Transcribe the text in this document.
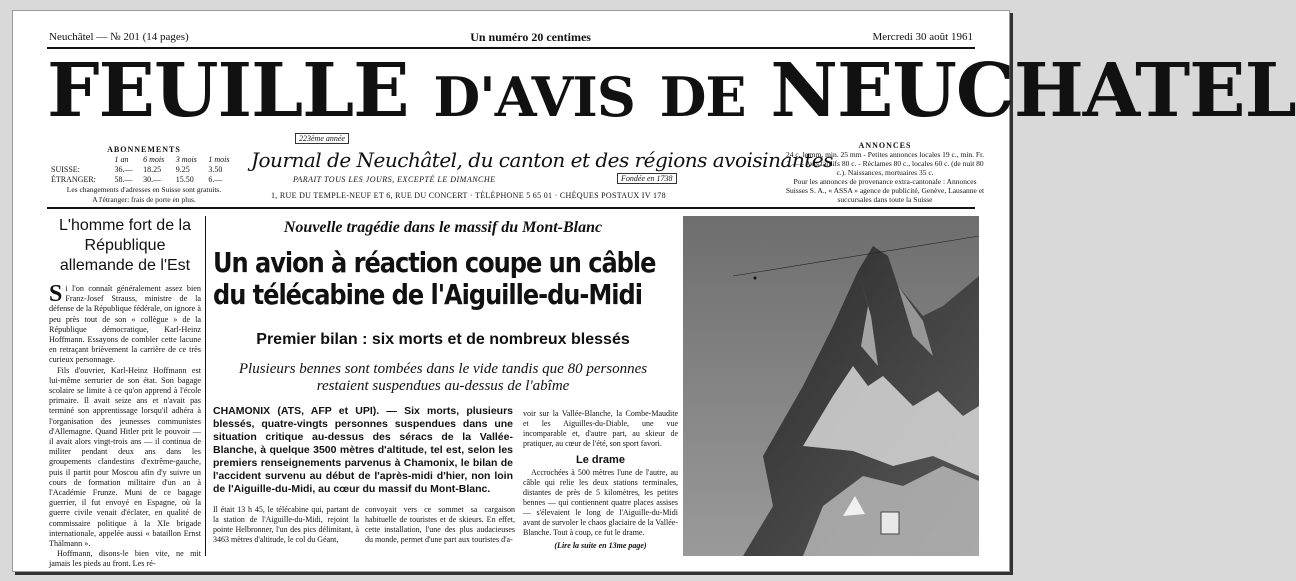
Neuchâtel — № 201 (14 pages)	Un numéro 20 centimes	Mercredi 30 août 1961
FEUILLE D'AVIS DE NEUCHATEL
223ème année
ABONNEMENTS
	1 an	6 mois	3 mois	1 mois
SUISSE:	36.—	18.25	9.25	3.50
ÉTRANGER:	58.—	30.—	15.50	6.—
Les changements d'adresses en Suisse sont gratuits.
A l'étranger: frais de porte en plus.
Journal de Neuchâtel, du canton et des régions avoisinantes
PARAIT TOUS LES JOURS, EXCEPTÉ LE DIMANCHE	Fondée en 1738
1, RUE DU TEMPLE-NEUF ET 6, RUE DU CONCERT · TÉLÉPHONE 5 65 01 · CHÈQUES POSTAUX IV 178
ANNONCES
24 c. le mm, min. 25 mm - Petites annonces locales 19 c., min. Fr. 2.— - Avis tardifs 80 c. - Réclames 80 c., locales 60 c. (de nuit 80 c.). Naissances, mortuaires 35 c.
Pour les annonces de provenance extra-cantonale : Annonces Suisses S. A., « ASSA » agence de publicité, Genève, Lausanne et succursales dans toute la Suisse
L'homme fort de la République allemande de l'Est
S i l'on connaît généralement assez bien Franz-Josef Strauss, ministre de la défense de la République fédérale, on ignore à peu près tout de son « collègue » de la République démocratique, Karl-Heinz Hoffmann. Essayons de combler cette lacune en retraçant brièvement la carrière de ce très curieux personnage.

Fils d'ouvrier, Karl-Heinz Hoffmann est lui-même serrurier de son état. Son bagage scolaire se limite à ce qu'on apprend à l'école primaire. Il avait seize ans et n'avait pas terminé son apprentissage lorsqu'il adhéra à l'organisation des jeunesses communistes d'Allemagne. Quand Hitler prit le pouvoir — il avait alors vingt-trois ans — il continua de militer pendant deux ans dans les groupements clandestins d'extrême-gauche, puis il partit pour Moscou afin d'y suivre un cours de formation militaire d'un an à l'Académie Frunze. Muni de ce bagage guerrier, il fut envoyé en Espagne, où la guerre civile venait d'éclater, en qualité de commissaire politique à la XIe brigade internationale, appelée aussi « bataillon Ernst Thälmann ».

Hoffmann, disons-le bien vite, ne mit jamais les pieds au front. Les ré-

Nouvelle tragédie dans le massif du Mont-Blanc
Un avion à réaction coupe un câble
du télécabine de l'Aiguille-du-Midi
Premier bilan : six morts et de nombreux blessés
Plusieurs bennes sont tombées dans le vide tandis que 80 personnes restaient suspendues au-dessus de l'abîme
CHAMONIX (ATS, AFP et UPI). — Six morts, plusieurs blessés, quatre-vingts personnes suspendues dans une situation critique au-dessus des séracs de la Vallée-Blanche, à quelque 3500 mètres d'altitude, tel est, selon les premiers renseignements parvenus à Chamonix, le bilan de l'accident survenu au début de l'après-midi d'hier, non loin de l'Aiguille-du-Midi, au cœur du massif du Mont-Blanc.
Il était 13 h 45, le télécabine qui, partant de la station de l'Aiguille-du-Midi, rejoint la pointe Helbronner, l'un des pics délimitant, à 3463 mètres d'altitude, le col du Géant,
convoyait vers ce sommet sa cargaison habituelle de touristes et de skieurs. En effet, cette installation, l'une des plus audacieuses du monde, permet d'une part aux touristes d'a-

voir sur la Vallée-Blanche, la Combe-Maudite et les Aiguilles-du-Diable, une vue incomparable et, d'autre part, au skieur de pratiquer, au cœur de l'été, son sport favori.

Le drame

Accrochées à 500 mètres l'une de l'autre, au câble qui relie les deux stations terminales, distantes de près de 5 kilomètres, les petites bennes — qui contiennent quatre places assises — s'élevaient le long de l'Aiguille-du-Midi avant de survoler le chaos glaciaire de la Vallée-Blanche. Tout à coup, ce fut le drame.

(Lire la suite en 13me page)
